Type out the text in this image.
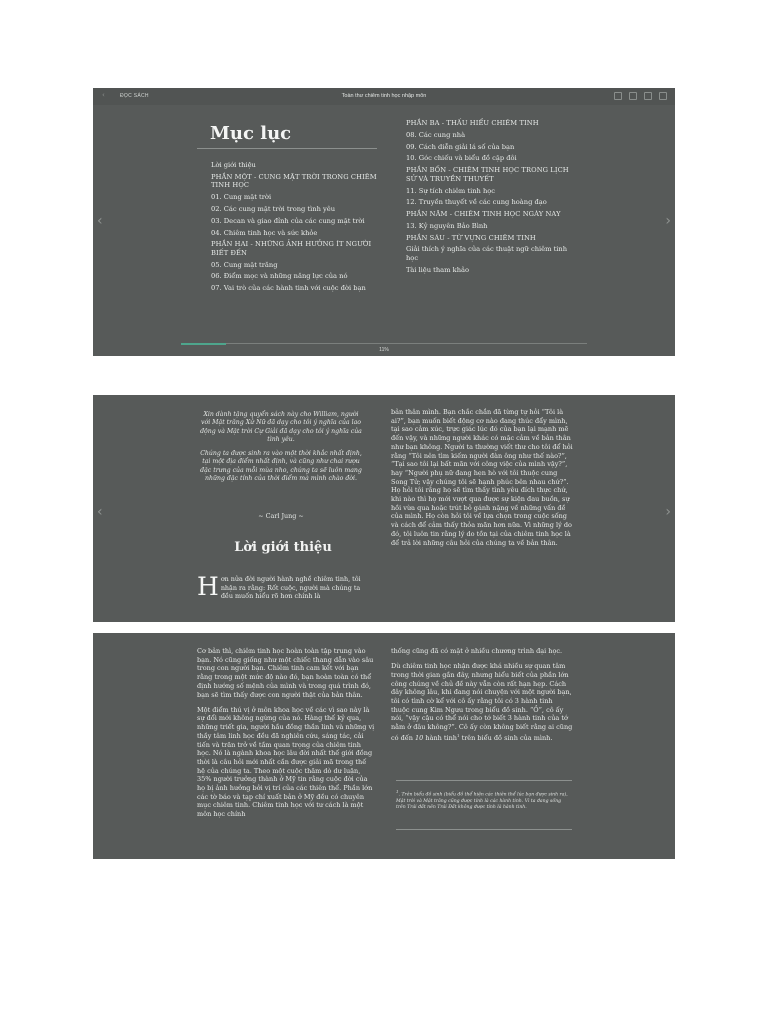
‹	ĐỌC SÁCH	Toàn thư chiêm tinh học nhập môn
‹	›
Mục lục
Lời giới thiệu
PHẦN MỘT - CUNG MẶT TRỜI TRONG CHIÊM TINH HỌC
01. Cung mặt trời
02. Các cung mặt trời trong tình yêu
03. Decan và giao đỉnh của các cung mặt trời
04. Chiêm tinh học và sức khỏe
PHẦN HAI - NHỮNG ẢNH HƯỞNG ÍT NGƯỜI BIẾT ĐẾN
05. Cung mặt trăng
06. Điểm mọc và những năng lực của nó
07. Vai trò của các hành tinh với cuộc đời bạn
PHẦN BA - THẤU HIỂU CHIÊM TINH
08. Các cung nhà
09. Cách diễn giải lá số của bạn
10. Góc chiếu và biểu đồ cặp đôi
PHẦN BỐN - CHIÊM TINH HỌC TRONG LỊCH SỬ VÀ TRUYỀN THUYẾT
11. Sự tích chiêm tinh học
12. Truyền thuyết về các cung hoàng đạo
PHẦN NĂM - CHIÊM TINH HỌC NGÀY NAY
13. Kỷ nguyên Bảo Bình
PHẦN SÁU - TỪ VỰNG CHIÊM TINH
Giải thích ý nghĩa của các thuật ngữ chiêm tinh học
Tài liệu tham khảo
11%
‹	›

Xin dành tặng quyển sách này cho William, người với Mặt trăng Xử Nữ đã dạy cho tôi ý nghĩa của lao động và Mặt trời Cự Giải đã dạy cho tôi ý nghĩa của tình yêu.

Chúng ta được sinh ra vào một thời khắc nhất định, tại một địa điểm nhất định, và cũng như chai rượu đặc trưng của mỗi mùa nho, chúng ta sẽ luôn mang những đặc tính của thời điểm mà mình chào đời.

~ Carl Jung ~
Lời giới thiệu
Hơn nửa đời người hành nghề chiêm tinh, tôi nhận ra rằng: Rốt cuộc, người mà chúng ta đều muốn hiểu rõ hơn chính là

bản thân mình. Bạn chắc chắn đã từng tự hỏi “Tôi là ai?”, bạn muốn biết động cơ nào đang thúc đẩy mình, tại sao cảm xúc, trực giác lúc đó của bạn lại mạnh mẽ đến vậy, và những người khác có mặc cảm về bản thân như bạn không. Người ta thường viết thư cho tôi để hỏi rằng “Tôi nên tìm kiếm người đàn ông như thế nào?”, “Tại sao tôi lại bất mãn với công việc của mình vậy?”, hay “Người phụ nữ đang hẹn hò với tôi thuộc cung Song Tử; vậy chúng tôi sẽ hạnh phúc bên nhau chứ?”. Họ hỏi tôi rằng họ sẽ tìm thấy tình yêu đích thực chứ, khi nào thì họ mới vượt qua được sự kiện đau buồn, sự hồi vừa qua hoặc trút bỏ gánh nặng về những vấn đề của mình. Họ còn hỏi tôi về lựa chọn trong cuộc sống và cách để cảm thấy thỏa mãn hơn nữa. Vì những lý do đó, tôi luôn tin rằng lý do tồn tại của chiêm tinh học là để trả lời những câu hỏi của chúng ta về bản thân.

Cơ bản thì, chiêm tinh học hoàn toàn tập trung vào bạn. Nó cũng giống như một chiếc thang dẫn vào sâu trong con người bạn. Chiêm tinh cam kết với bạn rằng trong một mức độ nào đó, bạn hoàn toàn có thể định hướng số mệnh của mình và trong quá trình đó, bạn sẽ tìm thấy được con người thật của bản thân.

Một điểm thú vị ở môn khoa học về các vì sao này là sự đổi mới không ngừng của nó. Hàng thế kỷ qua, những triết gia, người hầu đồng thần linh và những vị thầy tâm linh học đều đã nghiên cứu, sáng tác, cải tiến và trăn trở về tầm quan trọng của chiêm tinh học. Nó là ngành khoa học lâu đời nhất thế giới đồng thời là câu hỏi mới nhất cần được giải mã trong thế hệ của chúng ta. Theo một cuộc thăm dò dư luận, 35% người trưởng thành ở Mỹ tin rằng cuộc đời của họ bị ảnh hưởng bởi vị trí của các thiên thể. Phần lớn các tờ báo và tạp chí xuất bản ở Mỹ đều có chuyên mục chiêm tinh. Chiêm tinh học với tư cách là một môn học chính

thống cũng đã có mặt ở nhiều chương trình đại học.

Dù chiêm tinh học nhận được khá nhiều sự quan tâm trong thời gian gần đây, nhưng hiểu biết của phần lớn công chúng về chủ đề này vẫn còn rất hạn hẹp. Cách đây không lâu, khi đang nói chuyện với một người bạn, tôi có tình cờ kể với cô ấy rằng tôi có 3 hành tinh thuộc cung Kim Ngưu trong biểu đồ sinh. “Ồ”, cô ấy nói, “vậy cậu có thể nói cho tớ biết 3 hành tinh của tớ nằm ở đâu không?”. Cô ấy còn không biết rằng ai cũng có đến 10 hành tinh$^1$ trên biểu đồ sinh của mình.

$^1$. Trên biểu đồ sinh (biểu đồ thể hiện các thiên thể lúc bạn được sinh ra), Mặt trời và Mặt trăng cũng được tính là các hành tinh. Vì ta đang sống trên Trái đất nên Trái Đất không được tính là hành tinh.
